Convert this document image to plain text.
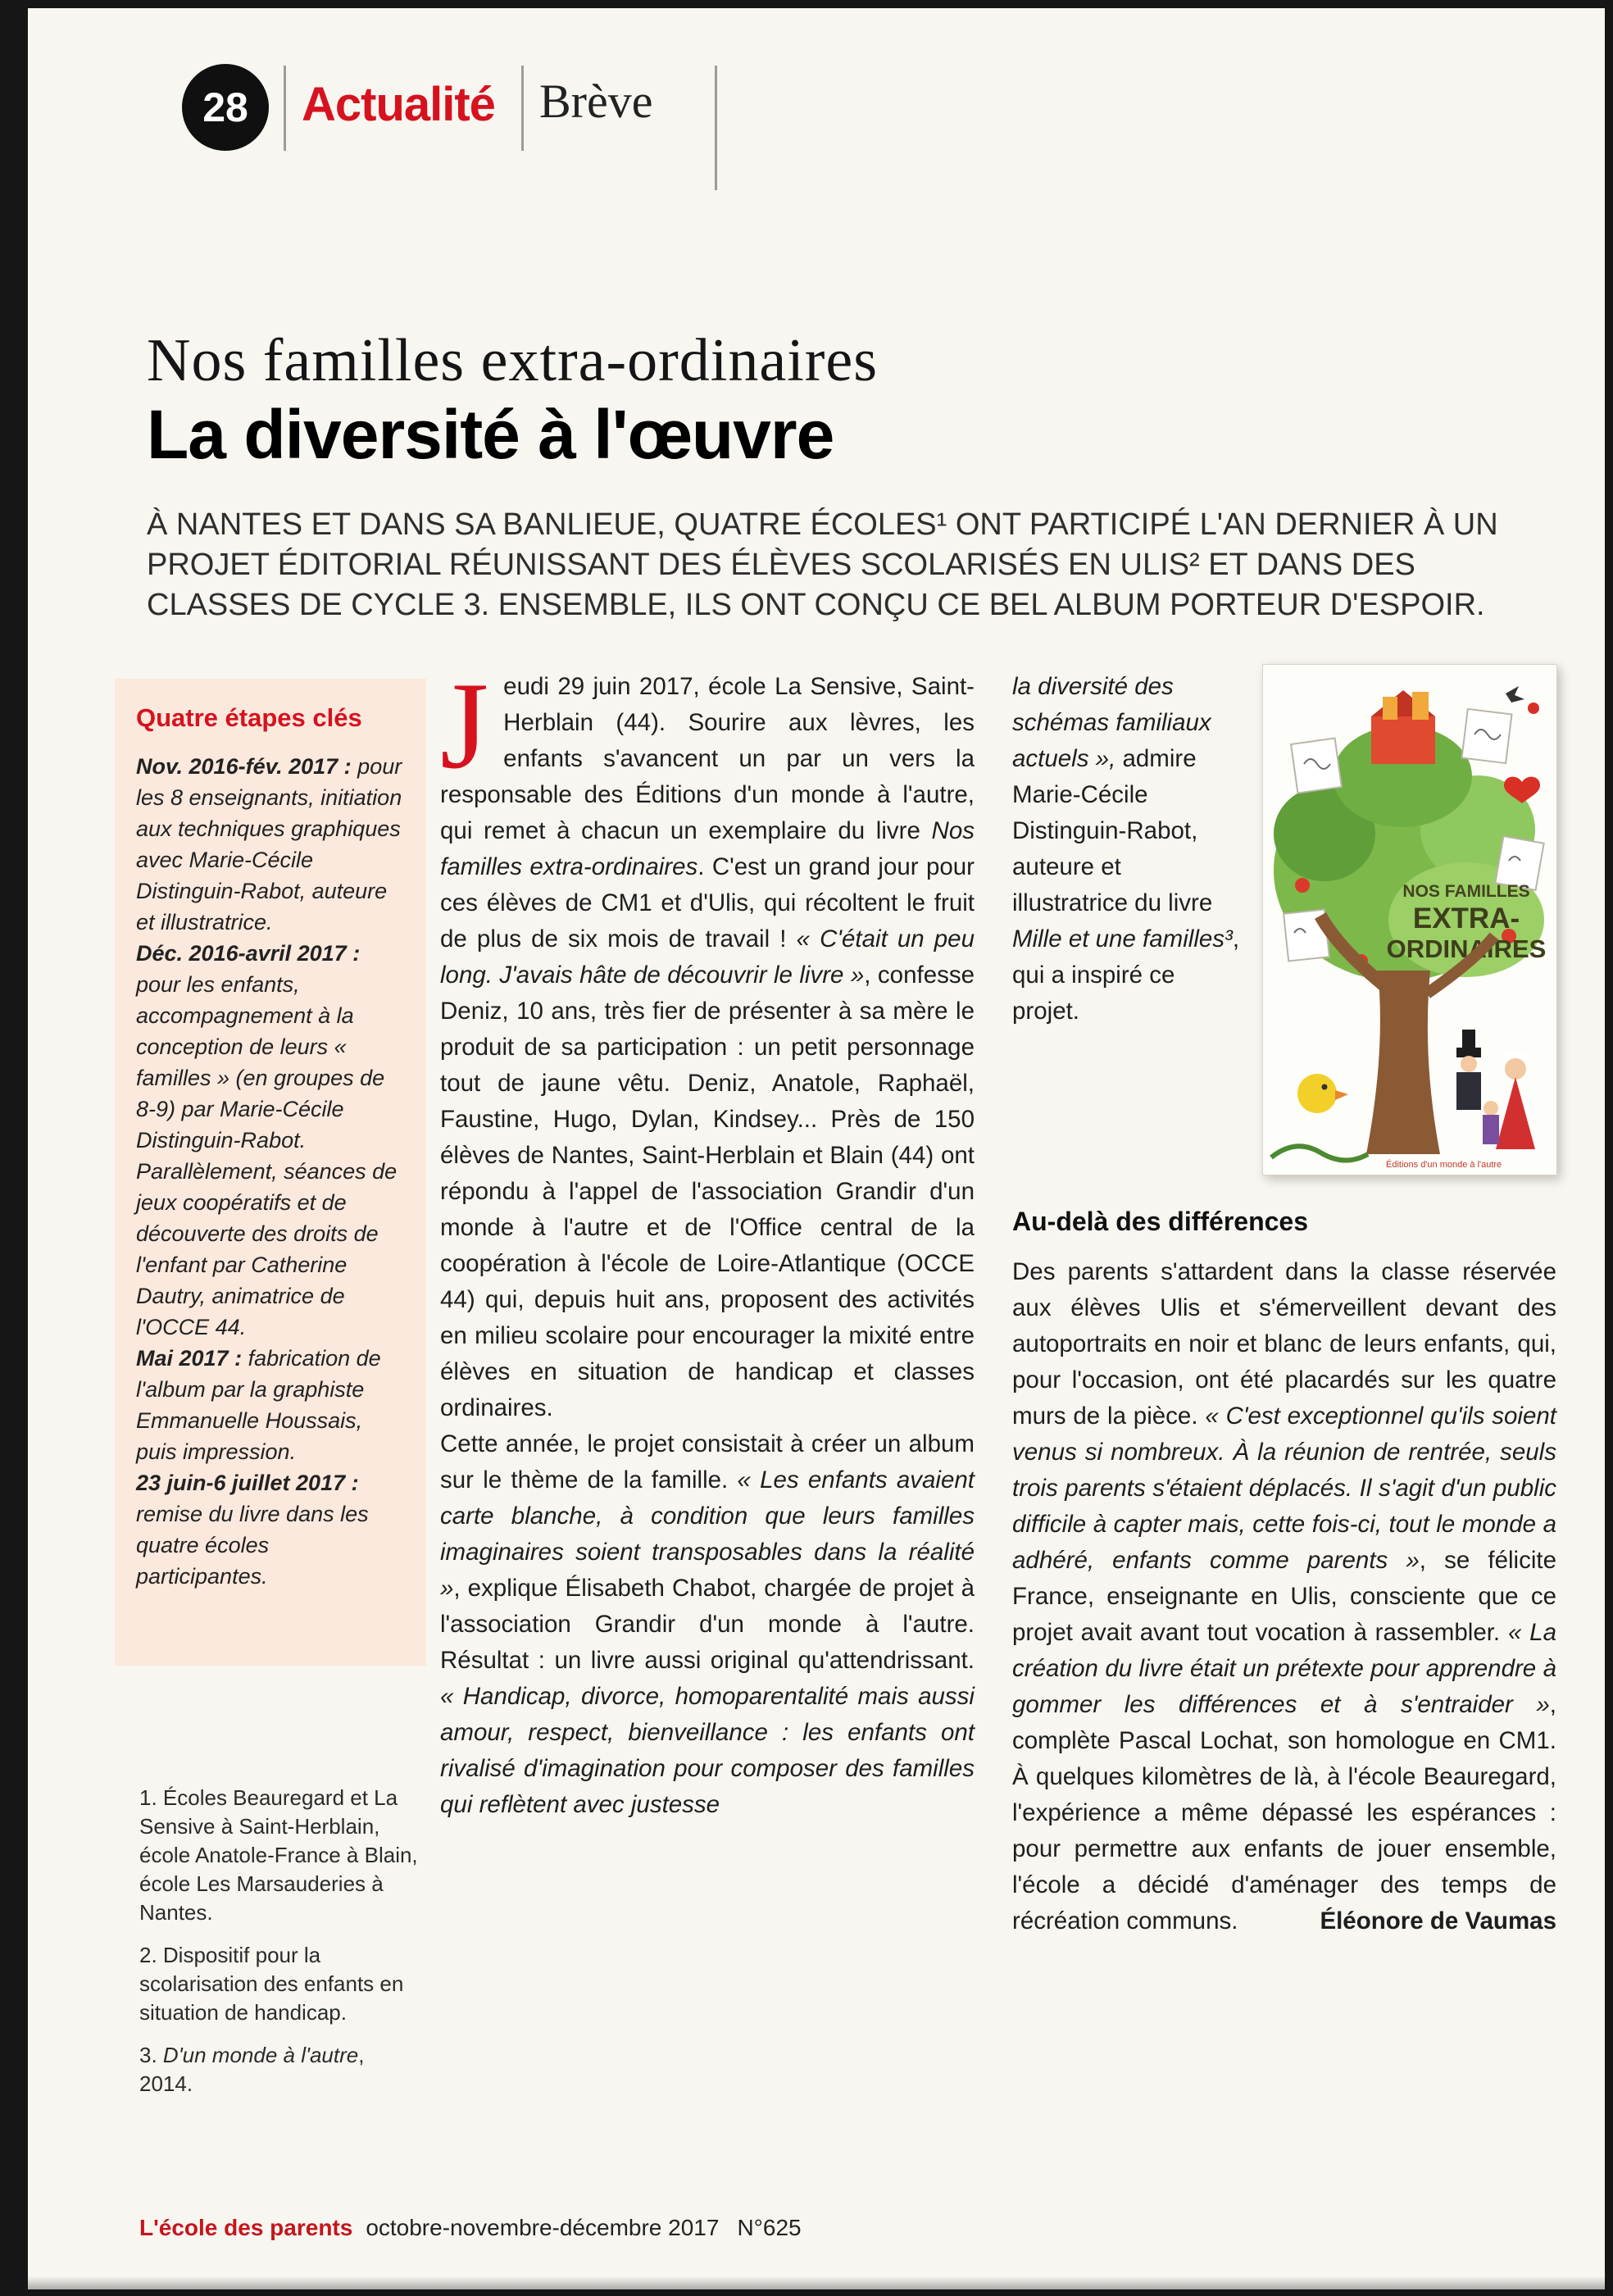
28 Actualité Brève
Nos familles extra-ordinaires
La diversité à l'œuvre

À NANTES ET DANS SA BANLIEUE, QUATRE ÉCOLES¹ ONT PARTICIPÉ L'AN DERNIER À UN PROJET ÉDITORIAL RÉUNISSANT DES ÉLÈVES SCOLARISÉS EN ULIS² ET DANS DES CLASSES DE CYCLE 3. ENSEMBLE, ILS ONT CONÇU CE BEL ALBUM PORTEUR D'ESPOIR.

Quatre étapes clés

Nov. 2016-fév. 2017 : pour les 8 enseignants, initiation aux techniques graphiques avec Marie-Cécile Distinguin-Rabot, auteure et illustratrice.

Déc. 2016-avril 2017 : pour les enfants, accompagnement à la conception de leurs « familles » (en groupes de 8-9) par Marie-Cécile Distinguin-Rabot. Parallèlement, séances de jeux coopératifs et de découverte des droits de l'enfant par Catherine Dautry, animatrice de l'OCCE 44.

Mai 2017 : fabrication de l'album par la graphiste Emmanuelle Houssais, puis impression.

23 juin-6 juillet 2017 : remise du livre dans les quatre écoles participantes.

1. Écoles Beauregard et La Sensive à Saint-Herblain, école Anatole-France à Blain, école Les Marsauderies à Nantes.

2. Dispositif pour la scolarisation des enfants en situation de handicap.

3. D'un monde à l'autre, 2014.

Jeudi 29 juin 2017, école La Sensive, Saint-Herblain (44). Sourire aux lèvres, les enfants s'avancent un par un vers la responsable des Éditions d'un monde à l'autre, qui remet à chacun un exemplaire du livre Nos familles extra-ordinaires. C'est un grand jour pour ces élèves de CM1 et d'Ulis, qui récoltent le fruit de plus de six mois de travail ! « C'était un peu long. J'avais hâte de découvrir le livre », confesse Deniz, 10 ans, très fier de présenter à sa mère le produit de sa participation : un petit personnage tout de jaune vêtu. Deniz, Anatole, Raphaël, Faustine, Hugo, Dylan, Kindsey... Près de 150 élèves de Nantes, Saint-Herblain et Blain (44) ont répondu à l'appel de l'association Grandir d'un monde à l'autre et de l'Office central de la coopération à l'école de Loire-Atlantique (OCCE 44) qui, depuis huit ans, proposent des activités en milieu scolaire pour encourager la mixité entre élèves en situation de handicap et classes ordinaires.

Cette année, le projet consistait à créer un album sur le thème de la famille. « Les enfants avaient carte blanche, à condition que leurs familles imaginaires soient transposables dans la réalité », explique Élisabeth Chabot, chargée de projet à l'association Grandir d'un monde à l'autre. Résultat : un livre aussi original qu'attendrissant. « Handicap, divorce, homoparentalité mais aussi amour, respect, bienveillance : les enfants ont rivalisé d'imagination pour composer des familles qui reflètent avec justesse

la diversité des schémas familiaux actuels », admire Marie-Cécile Distinguin-Rabot, auteure et illustratrice du livre Mille et une familles³, qui a inspiré ce projet.

NOS FAMILLES
EXTRA-
ORDINAIRES
Éditions d'un monde à l'autre
Au-delà des différences

Des parents s'attardent dans la classe réservée aux élèves Ulis et s'émerveillent devant des autoportraits en noir et blanc de leurs enfants, qui, pour l'occasion, ont été placardés sur les quatre murs de la pièce. « C'est exceptionnel qu'ils soient venus si nombreux. À la réunion de rentrée, seuls trois parents s'étaient déplacés. Il s'agit d'un public difficile à capter mais, cette fois-ci, tout le monde a adhéré, enfants comme parents », se félicite France, enseignante en Ulis, consciente que ce projet avait avant tout vocation à rassembler. « La création du livre était un prétexte pour apprendre à gommer les différences et à s'entraider », complète Pascal Lochat, son homologue en CM1. À quelques kilomètres de là, à l'école Beauregard, l'expérience a même dépassé les espérances : pour permettre aux enfants de jouer ensemble, l'école a décidé d'aménager des temps de récréation communs.	Éléonore de Vaumas

L'école des parents octobre-novembre-décembre 2017 N°625
